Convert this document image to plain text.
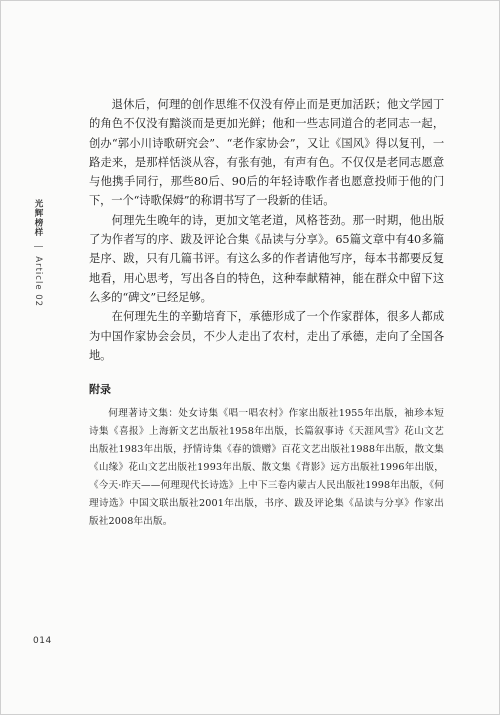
光辉榜样 | Article 02

退休后，何理的创作思维不仅没有停止而是更加活跃；他文学园丁的角色不仅没有黯淡而是更加光鲜；他和一些志同道合的老同志一起，创办“郭小川诗歌研究会”、“老作家协会”，又让《国风》得以复刊，一路走来，是那样恬淡从容，有张有弛，有声有色。不仅仅是老同志愿意与他携手同行，那些80后、90后的年轻诗歌作者也愿意投师于他的门下，一个“诗歌保姆”的称谓书写了一段新的佳话。

何理先生晚年的诗，更加文笔老道，风格苍劲。那一时期，他出版了为作者写的序、跋及评论合集《品读与分享》。65篇文章中有40多篇是序、跋，只有几篇书评。有这么多的作者请他写序，每本书都要反复地看，用心思考，写出各自的特色，这种奉献精神，能在群众中留下这么多的“碑文”已经足够。

在何理先生的辛勤培育下，承德形成了一个作家群体，很多人都成为中国作家协会会员，不少人走出了农村，走出了承德，走向了全国各地。

附录

何理著诗文集：处女诗集《唱一唱农村》作家出版社1955年出版，袖珍本短诗集《喜报》上海新文艺出版社1958年出版，长篇叙事诗《天涯风雪》花山文艺出版社1983年出版，抒情诗集《春的馈赠》百花文艺出版社1988年出版，散文集《山缘》花山文艺出版社1993年出版、散文集《背影》远方出版社1996年出版，《今天·昨天——何理现代长诗选》上中下三卷内蒙古人民出版社1998年出版，《何理诗选》中国文联出版社2001年出版，书序、跋及评论集《品读与分享》作家出版社2008年出版。

014
